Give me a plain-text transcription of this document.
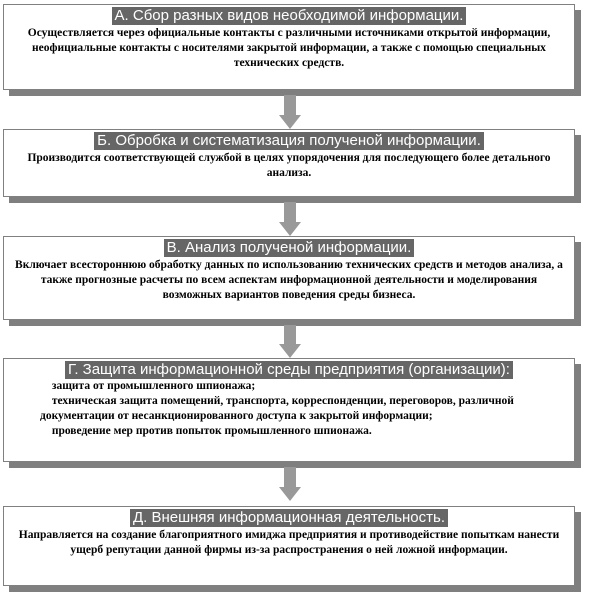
А. Сбор разных видов необходимой информации.

Осуществляется через официальные контакты с различными источниками открытой информации, неофициальные контакты с носителями закрытой информации, а также с помощью специальных технических средств.

Б. Обробка и систематизация полученой информации.

Производится соответствующей службой в целях упорядочения для последующего более детального анализа.

В. Анализ полученой информации.

Включает всестороннюю обработку данных по использованию технических средств и методов анализа, а также прогнозные расчеты по всем аспектам информационной деятельности и моделирования возможных вариантов поведения среды бизнеса.

Г. Защита информационной среды предприятия (организации):
защита от промышленного шпионажа;
техническая защита помещений, транспорта, корреспонденции, переговоров, различной документации от несанкционированного доступа к закрытой информации;
проведение мер против попыток промышленного шпионажа.
Д. Внешняя информационная деятельность.

Направляется на создание благоприятного имиджа предприятия и противодействие попыткам нанести ущерб репутации данной фирмы из-за распространения о ней ложной информации.
